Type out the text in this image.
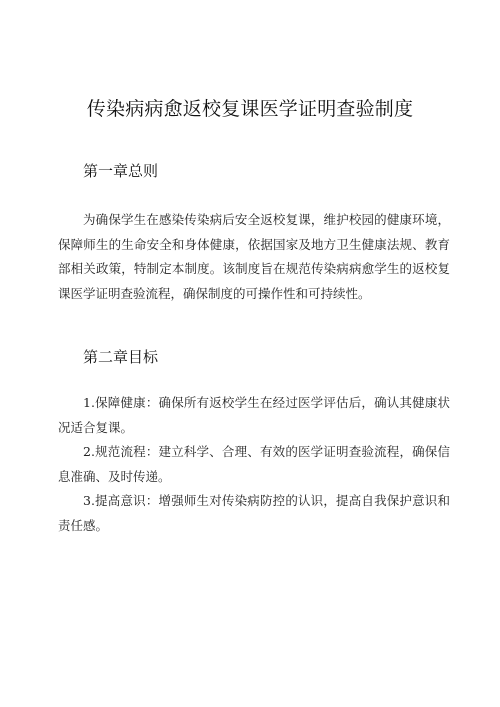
传染病病愈返校复课医学证明查验制度
第一章总则

为确保学生在感染传染病后安全返校复课，维护校园的健康环境，保障师生的生命安全和身体健康，依据国家及地方卫生健康法规、教育部相关政策，特制定本制度。该制度旨在规范传染病病愈学生的返校复课医学证明查验流程，确保制度的可操作性和可持续性。

第二章目标

1.保障健康：确保所有返校学生在经过医学评估后，确认其健康状况适合复课。

2.规范流程：建立科学、合理、有效的医学证明查验流程，确保信息准确、及时传递。

3.提高意识：增强师生对传染病防控的认识，提高自我保护意识和责任感。
